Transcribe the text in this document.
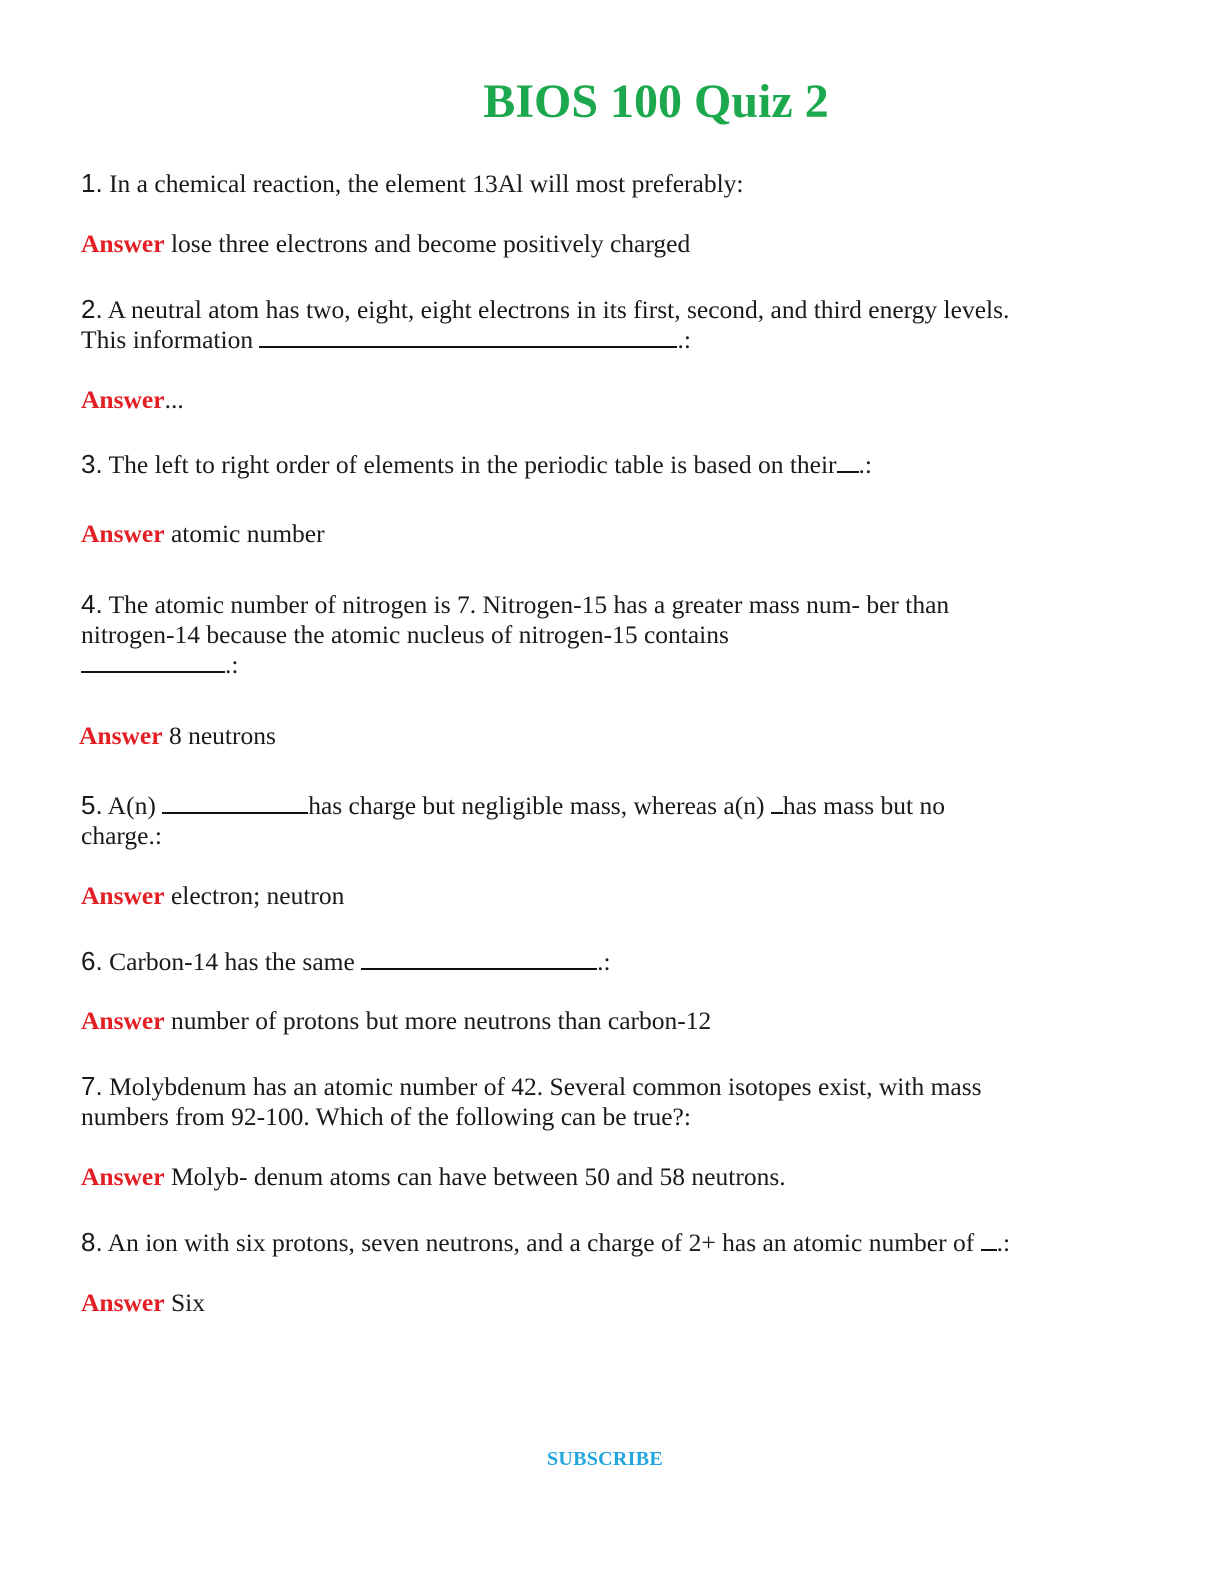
BIOS 100 Quiz 2

1. In a chemical reaction, the element 13Al will most preferably:

Answer lose three electrons and become positively charged

2. A neutral atom has two, eight, eight electrons in its first, second, and third energy levels.
This information	.:

Answer...

3. The left to right order of elements in the periodic table is based on their .:

Answer atomic number

4. The atomic number of nitrogen is 7. Nitrogen-15 has a greater mass num- ber than
nitrogen-14 because the atomic nucleus of nitrogen-15 contains
.:

Answer 8 neutrons

5. A(n)	has charge but negligible mass, whereas a(n) has mass but no
charge.:

Answer electron; neutron

6. Carbon-14 has the same	.:

Answer number of protons but more neutrons than carbon-12

7. Molybdenum has an atomic number of 42. Several common isotopes exist, with mass
numbers from 92-100. Which of the following can be true?:

Answer Molyb- denum atoms can have between 50 and 58 neutrons.

8. An ion with six protons, seven neutrons, and a charge of 2+ has an atomic number of .:

Answer Six

SUBSCRIBE
